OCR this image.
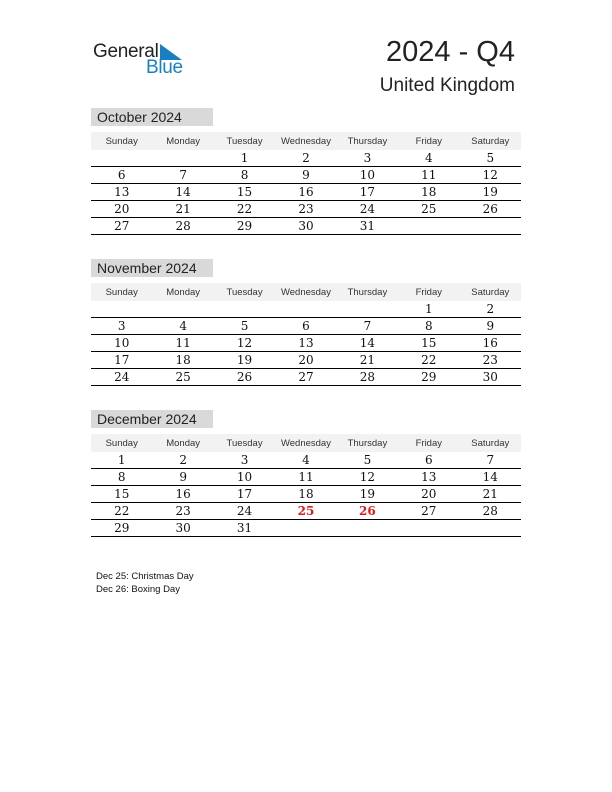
General
Blue	2024 - Q4
United Kingdom
October 2024
Sunday	Monday	Tuesday	Wednesday	Thursday	Friday	Saturday
		1	2	3	4	5
6	7	8	9	10	11	12
13	14	15	16	17	18	19
20	21	22	23	24	25	26
27	28	29	30	31		
November 2024
Sunday	Monday	Tuesday	Wednesday	Thursday	Friday	Saturday
					1	2
3	4	5	6	7	8	9
10	11	12	13	14	15	16
17	18	19	20	21	22	23
24	25	26	27	28	29	30
December 2024
Sunday	Monday	Tuesday	Wednesday	Thursday	Friday	Saturday
1	2	3	4	5	6	7
8	9	10	11	12	13	14
15	16	17	18	19	20	21
22	23	24	25	26	27	28
29	30	31				
Dec 25: Christmas Day
Dec 26: Boxing Day
